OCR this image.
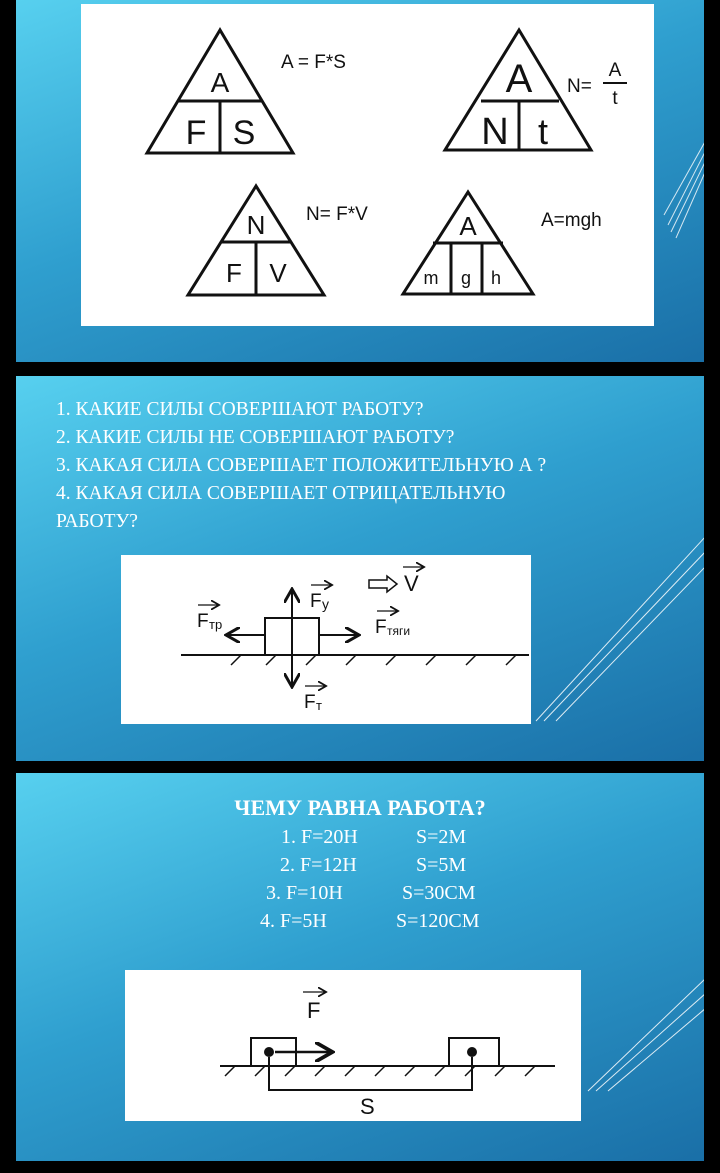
A
F S
A = F*S	A
N t
N=
A
t
N
F V
N= F*V	A
m g h
A=mgh
1. КАКИЕ СИЛЫ СОВЕРШАЮТ РАБОТУ?
2. КАКИЕ СИЛЫ НЕ СОВЕРШАЮТ РАБОТУ?
3. КАКАЯ СИЛА СОВЕРШАЕТ ПОЛОЖИТЕЛЬНУЮ А ?
4. КАКАЯ СИЛА СОВЕРШАЕТ ОТРИЦАТЕЛЬНУЮ
РАБОТУ?
F тр
F у
F тяги
F т
V
ЧЕМУ РАВНА РАБОТА?
1. F=20Н	S=2М
2. F=12Н	S=5М
3. F=10Н	S=30СМ
4. F=5Н	S=120СМ
F
S
